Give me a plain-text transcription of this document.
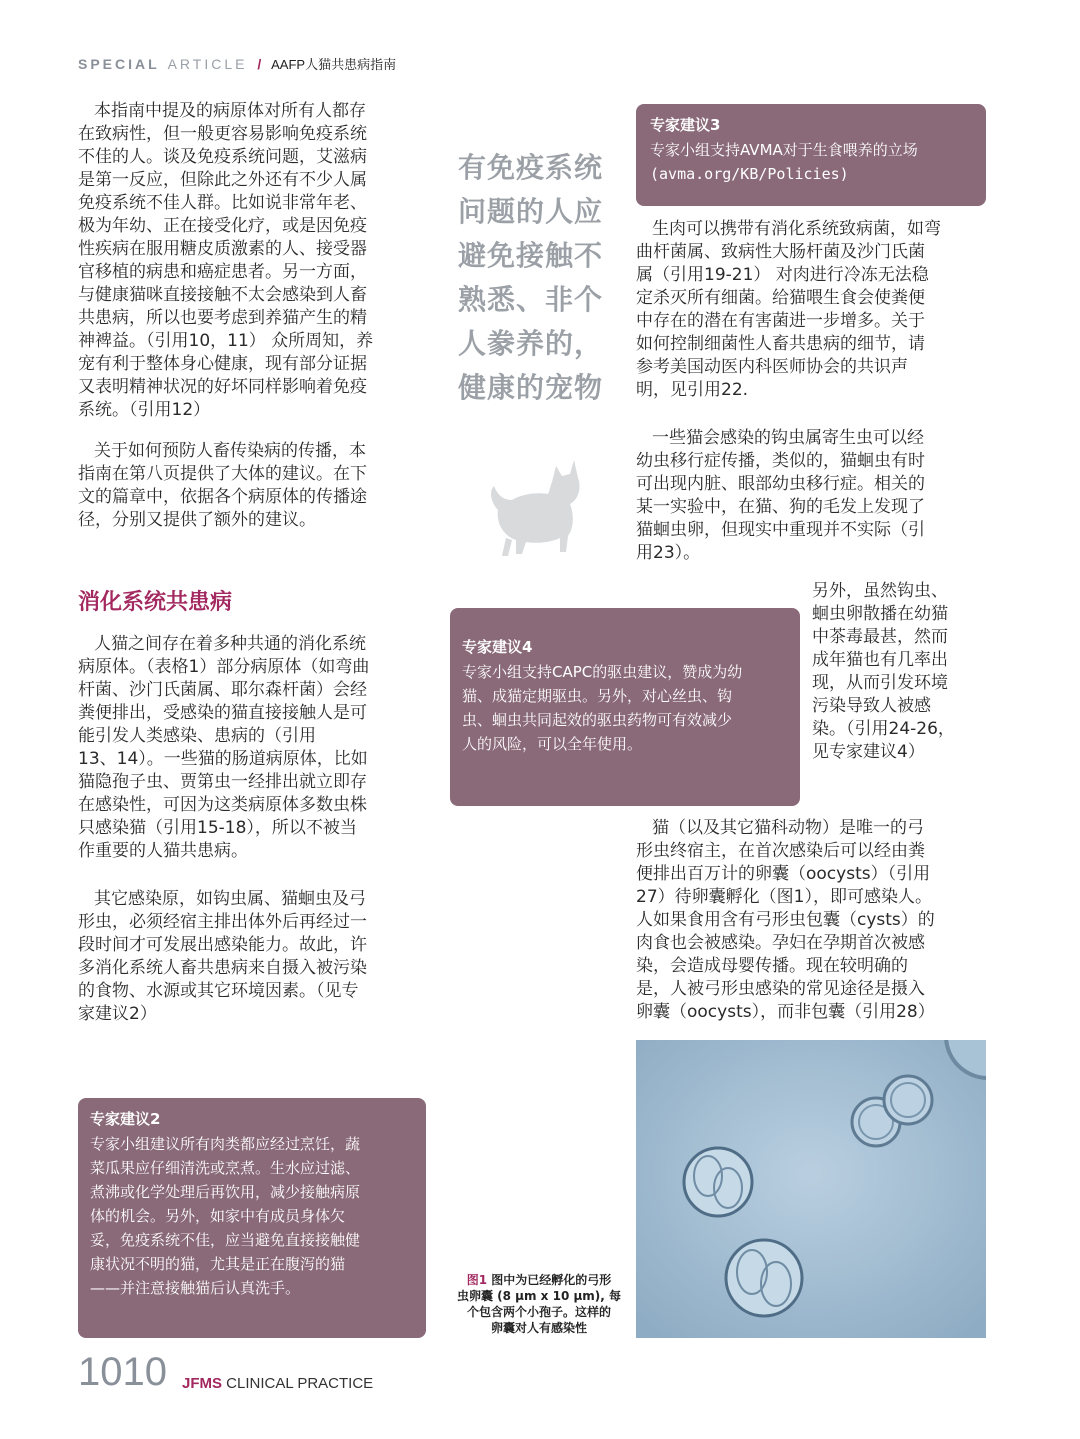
SPECIAL ARTICLE / AAFP人猫共患病指南

本指南中提及的病原体对所有人都存
在致病性，但一般更容易影响免疫系统
不佳的人。谈及免疫系统问题，艾滋病
是第一反应，但除此之外还有不少人属
免疫系统不佳人群。比如说非常年老、
极为年幼、正在接受化疗，或是因免疫
性疾病在服用糖皮质激素的人、接受器
官移植的病患和癌症患者。另一方面，
与健康猫咪直接接触不太会感染到人畜
共患病，所以也要考虑到养猫产生的精
神裨益。（引用10，11） 众所周知，养
宠有利于整体身心健康，现有部分证据
又表明精神状况的好坏同样影响着免疫
系统。（引用12）

关于如何预防人畜传染病的传播，本
指南在第八页提供了大体的建议。在下
文的篇章中，依据各个病原体的传播途
径，分别又提供了额外的建议。

消化系统共患病

人猫之间存在着多种共通的消化系统
病原体。（表格1）部分病原体（如弯曲
杆菌、沙门氏菌属、耶尔森杆菌）会经
粪便排出，受感染的猫直接接触人是可
能引发人类感染、患病的（引用
13、14）。一些猫的肠道病原体，比如
猫隐孢子虫、贾第虫一经排出就立即存
在感染性，可因为这类病原体多数虫株
只感染猫（引用15-18），所以不被当
作重要的人猫共患病。

其它感染原，如钩虫属、猫蛔虫及弓
形虫，必须经宿主排出体外后再经过一
段时间才可发展出感染能力。故此，许
多消化系统人畜共患病来自摄入被污染
的食物、水源或其它环境因素。（见专
家建议2）

有免疫系统
问题的人应
避免接触不
熟悉、非个
人豢养的，
健康的宠物
专家建议3
专家小组支持AVMA对于生食喂养的立场
(avma.org/KB/Policies)

生肉可以携带有消化系统致病菌，如弯
曲杆菌属、致病性大肠杆菌及沙门氏菌
属（引用19-21） 对肉进行冷冻无法稳
定杀灭所有细菌。给猫喂生食会使粪便
中存在的潜在有害菌进一步增多。关于
如何控制细菌性人畜共患病的细节，请
参考美国动医内科医师协会的共识声
明，见引用22.

一些猫会感染的钩虫属寄生虫可以经
幼虫移行症传播，类似的，猫蛔虫有时
可出现内脏、眼部幼虫移行症。相关的
某一实验中，在猫、狗的毛发上发现了
猫蛔虫卵，但现实中重现并不实际（引
用23）。

另外，虽然钩虫、
蛔虫卵散播在幼猫
中茶毒最甚，然而
成年猫也有几率出
现，从而引发环境
污染导致人被感
染。（引用24-26，
见专家建议4）

专家建议4
专家小组支持CAPC的驱虫建议，赞成为幼
猫、成猫定期驱虫。另外，对心丝虫、钩
虫、蛔虫共同起效的驱虫药物可有效减少
人的风险，可以全年使用。

猫（以及其它猫科动物）是唯一的弓
形虫终宿主，在首次感染后可以经由粪
便排出百万计的卵囊（oocysts）（引用
27）待卵囊孵化（图1），即可感染人。
人如果食用含有弓形虫包囊（cysts）的
肉食也会被感染。孕妇在孕期首次被感
染，会造成母婴传播。现在较明确的
是，人被弓形虫感染的常见途径是摄入
卵囊（oocysts），而非包囊（引用28）

专家建议2
专家小组建议所有肉类都应经过烹饪，蔬
菜瓜果应仔细清洗或烹煮。生水应过滤、
煮沸或化学处理后再饮用，减少接触病原
体的机会。另外，如家中有成员身体欠
妥，免疫系统不佳，应当避免直接接触健
康状况不明的猫，尤其是正在腹泻的猫
——并注意接触猫后认真洗手。	图1 图中为已经孵化的弓形
虫卵囊 (8 μm x 10 μm), 每
个包含两个小孢子。这样的
卵囊对人有感染性
1010 JFMS CLINICAL PRACTICE
